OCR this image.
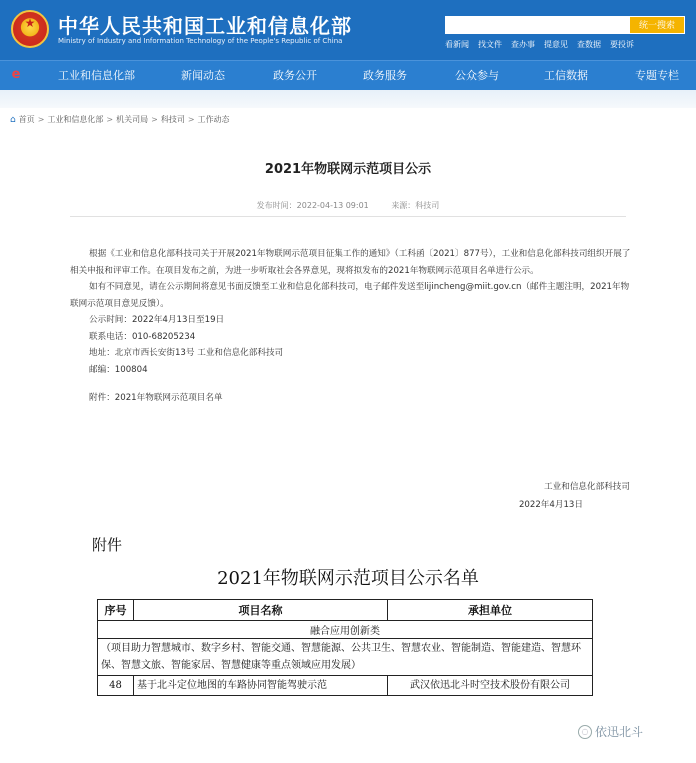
★
中华人民共和国工业和信息化部
Ministry of Industry and Information Technology of the People's Republic of China
统一搜索
看新闻 找文件 查办事 提意见 查数据 要投诉
e	工业和信息化部	新闻动态	政务公开	政务服务	公众参与	工信数据	专题专栏
⌂ 首页 > 工业和信息化部 > 机关司局 > 科技司 > 工作动态
2021年物联网示范项目公示
发布时间：2022-04-13 09:01	来源：科技司

根据《工业和信息化部科技司关于开展2021年物联网示范项目征集工作的通知》（工科函〔2021〕877号），工业和信息化部科技司组织开展了相关申报和评审工作。在项目发布之前，为进一步听取社会各界意见，现将拟发布的2021年物联网示范项目名单进行公示。

如有不同意见，请在公示期间将意见书面反馈至工业和信息化部科技司，电子邮件发送至lijincheng@miit.gov.cn（邮件主题注明，2021年物联网示范项目意见反馈）。

公示时间：2022年4月13日至19日

联系电话：010-68205234

地址：北京市西长安街13号 工业和信息化部科技司

邮编：100804

附件：2021年物联网示范项目名单

工业和信息化部科技司
2022年4月13日
附件
2021年物联网示范项目公示名单
序号	项目名称	承担单位
融合应用创新类		
（项目助力智慧城市、数字乡村、智能交通、智慧能源、公共卫生、智慧农业、智能制造、智能建造、智慧环保、智慧文旅、智能家居、智慧健康等重点领域应用发展）		
48	基于北斗定位地图的车路协同智能驾驶示范	武汉依迅北斗时空技术股份有限公司
◌ 依迅北斗
